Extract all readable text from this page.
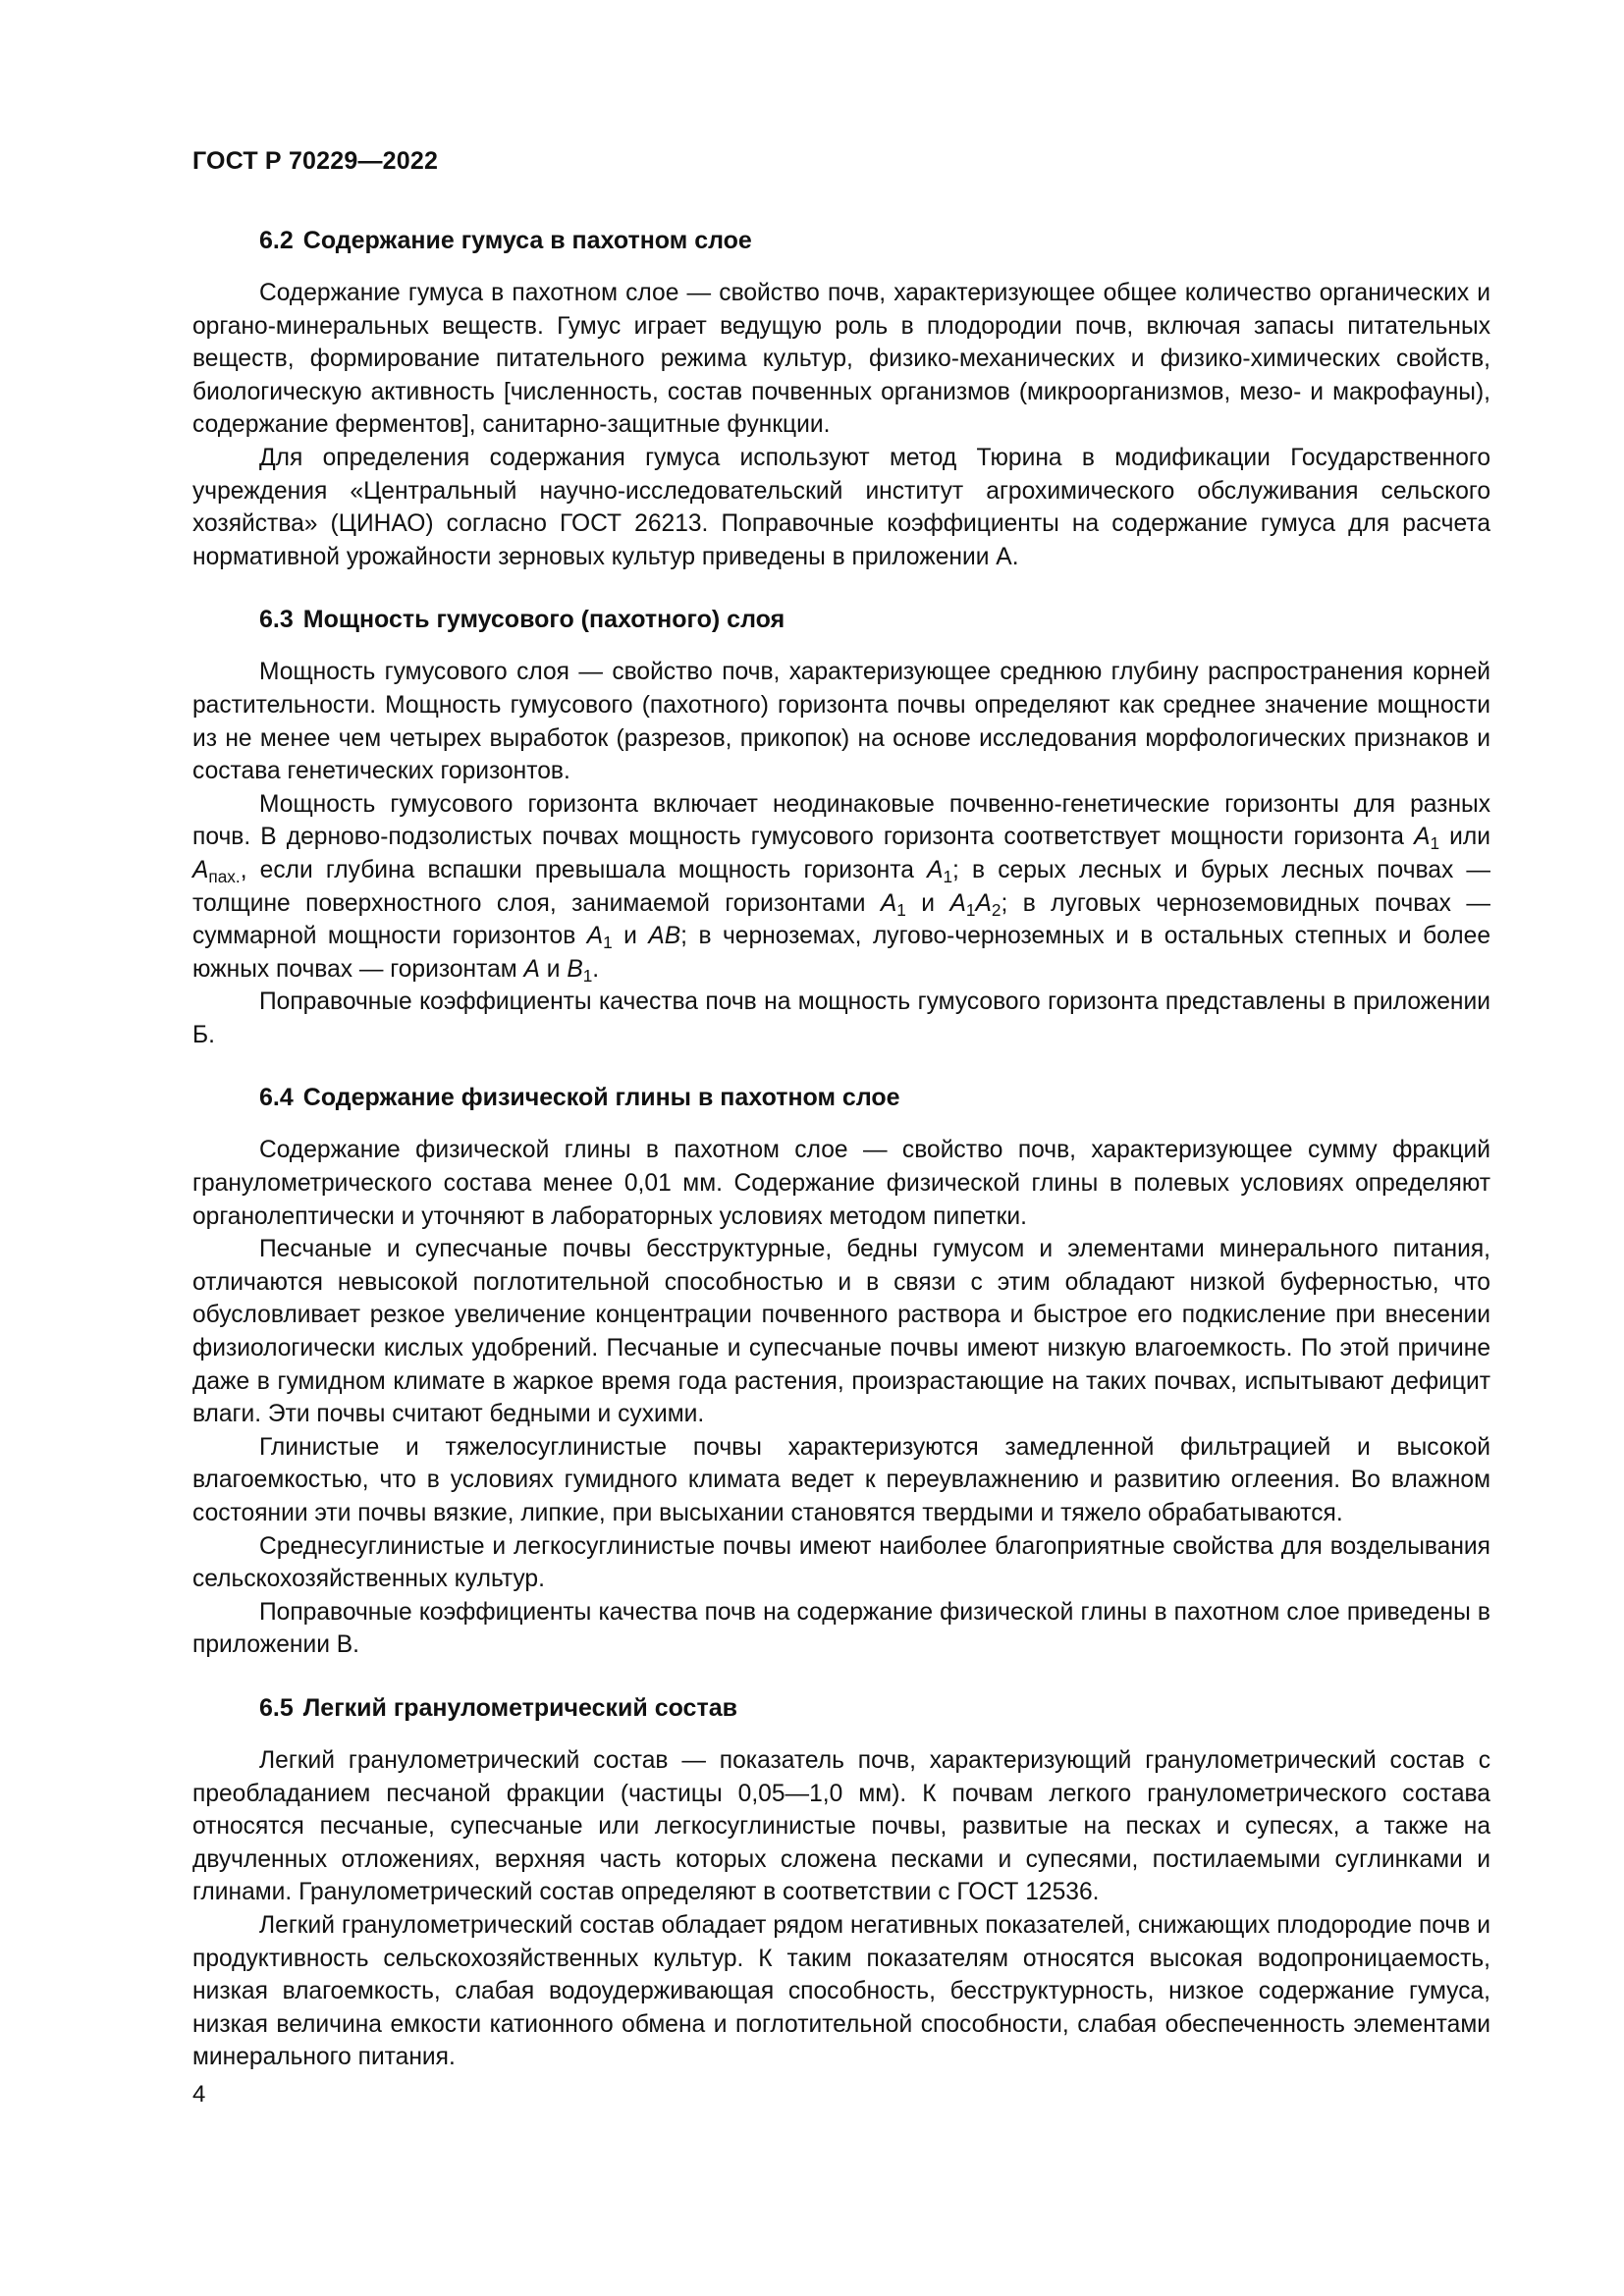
ГОСТ Р 70229—2022
6.2 Содержание гумуса в пахотном слое

Содержание гумуса в пахотном слое — свойство почв, характеризующее общее количество органических и органо-минеральных веществ. Гумус играет ведущую роль в плодородии почв, включая запасы питательных веществ, формирование питательного режима культур, физико-механических и физико-химических свойств, биологическую активность [численность, состав почвенных организмов (микроорганизмов, мезо- и макрофауны), содержание ферментов], санитарно-защитные функции.

Для определения содержания гумуса используют метод Тюрина в модификации Государственного учреждения «Центральный научно-исследовательский институт агрохимического обслуживания сельского хозяйства» (ЦИНАО) согласно ГОСТ 26213. Поправочные коэффициенты на содержание гумуса для расчета нормативной урожайности зерновых культур приведены в приложении А.

6.3 Мощность гумусового (пахотного) слоя

Мощность гумусового слоя — свойство почв, характеризующее среднюю глубину распространения корней растительности. Мощность гумусового (пахотного) горизонта почвы определяют как среднее значение мощности из не менее чем четырех выработок (разрезов, прикопок) на основе исследования морфологических признаков и состава генетических горизонтов.

Мощность гумусового горизонта включает неодинаковые почвенно-генетические горизонты для разных почв. В дерново-подзолистых почвах мощность гумусового горизонта соответствует мощности горизонта $А_1$ или $А_{пах.}$, если глубина вспашки превышала мощность горизонта $А_1$; в серых лесных и бурых лесных почвах — толщине поверхностного слоя, занимаемой горизонтами $А_1$ и $А_1А_2$; в луговых черноземовидных почвах — суммарной мощности горизонтов $А_1$ и АВ; в черноземах, лугово-черноземных и в остальных степных и более южных почвах — горизонтам А и $В_1$.

Поправочные коэффициенты качества почв на мощность гумусового горизонта представлены в приложении Б.

6.4 Содержание физической глины в пахотном слое

Содержание физической глины в пахотном слое — свойство почв, характеризующее сумму фракций гранулометрического состава менее 0,01 мм. Содержание физической глины в полевых условиях определяют органолептически и уточняют в лабораторных условиях методом пипетки.

Песчаные и супесчаные почвы бесструктурные, бедны гумусом и элементами минерального питания, отличаются невысокой поглотительной способностью и в связи с этим обладают низкой буферностью, что обусловливает резкое увеличение концентрации почвенного раствора и быстрое его подкисление при внесении физиологически кислых удобрений. Песчаные и супесчаные почвы имеют низкую влагоемкость. По этой причине даже в гумидном климате в жаркое время года растения, произрастающие на таких почвах, испытывают дефицит влаги. Эти почвы считают бедными и сухими.

Глинистые и тяжелосуглинистые почвы характеризуются замедленной фильтрацией и высокой влагоемкостью, что в условиях гумидного климата ведет к переувлажнению и развитию оглеения. Во влажном состоянии эти почвы вязкие, липкие, при высыхании становятся твердыми и тяжело обрабатываются.

Среднесуглинистые и легкосуглинистые почвы имеют наиболее благоприятные свойства для возделывания сельскохозяйственных культур.

Поправочные коэффициенты качества почв на содержание физической глины в пахотном слое приведены в приложении В.

6.5 Легкий гранулометрический состав

Легкий гранулометрический состав — показатель почв, характеризующий гранулометрический состав с преобладанием песчаной фракции (частицы 0,05—1,0 мм). К почвам легкого гранулометрического состава относятся песчаные, супесчаные или легкосуглинистые почвы, развитые на песках и супесях, а также на двучленных отложениях, верхняя часть которых сложена песками и супесями, постилаемыми суглинками и глинами. Гранулометрический состав определяют в соответствии с ГОСТ 12536.

Легкий гранулометрический состав обладает рядом негативных показателей, снижающих плодородие почв и продуктивность сельскохозяйственных культур. К таким показателям относятся высокая водопроницаемость, низкая влагоемкость, слабая водоудерживающая способность, бесструктурность, низкое содержание гумуса, низкая величина емкости катионного обмена и поглотительной способности, слабая обеспеченность элементами минерального питания.

4
